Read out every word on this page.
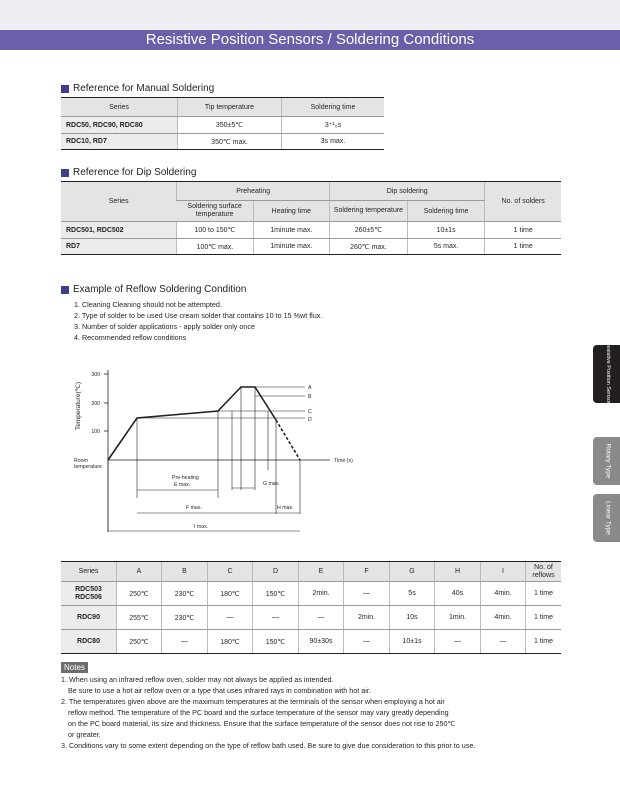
Resistive Position Sensors / Soldering Conditions
Reference for Manual Soldering
Series	Tip temperature	Soldering time
RDC50, RDC90, RDC80	350±5℃	3⁺¹₀s
RDC10, RD7	350℃ max.	3s max.
Reference for Dip Soldering
Series	Preheating		Dip soldering		No. of solders
	Soldering surface temperature	Heating time	Soldering temperature	Soldering time	
RDC501, RDC502	100 to 150℃	1minute max.	260±5℃	10±1s	1 time
RD7	100℃ max.	1minute max.	260℃ max.	5s max.	1 time
Example of Reflow Soldering Condition
1. Cleaning Cleaning should not be attempted.
2. Type of solder to be used Use cream solder that contains 10 to 15 %wt flux.
3. Number of solder applications - apply solder only once
4. Recommended reflow conditions
300
200
100
Temperature(℃)
Room
temperature
Time (s)
A
B
C
D
Pre-heating
E max.	G max.
F max.	H max.
I max.
Series	A	B	C	D	E	F	G	H	I	No. of reflows
RDC503
RDC506	250℃	230℃	180℃	150℃	2min.	—	5s	40s	4min.	1 time
RDC90	255℃	230℃	—	—	—	2min.	10s	1min.	4min.	1 time
RDC80	250℃	—	180℃	150℃	90±30s	—	10±1s	—	—	1 time
Notes
1. When using an infrared reflow oven, solder may not always be applied as intended.
Be sure to use a hot air reflow oven or a type that uses infrared rays in combination with hot air.
2. The temperatures given above are the maximum temperatures at the terminals of the sensor when employing a hot air
reflow method. The temperature of the PC board and the surface temperature of the sensor may vary greatly depending
on the PC board material, its size and thickness. Ensure that the surface temperature of the sensor does not rise to 250℃
or greater.
3. Conditions vary to some extent depending on the type of reflow bath used. Be sure to give due consideration to this prior to use.
Resistive Position Sensors
Rotary Type
Linear Type
